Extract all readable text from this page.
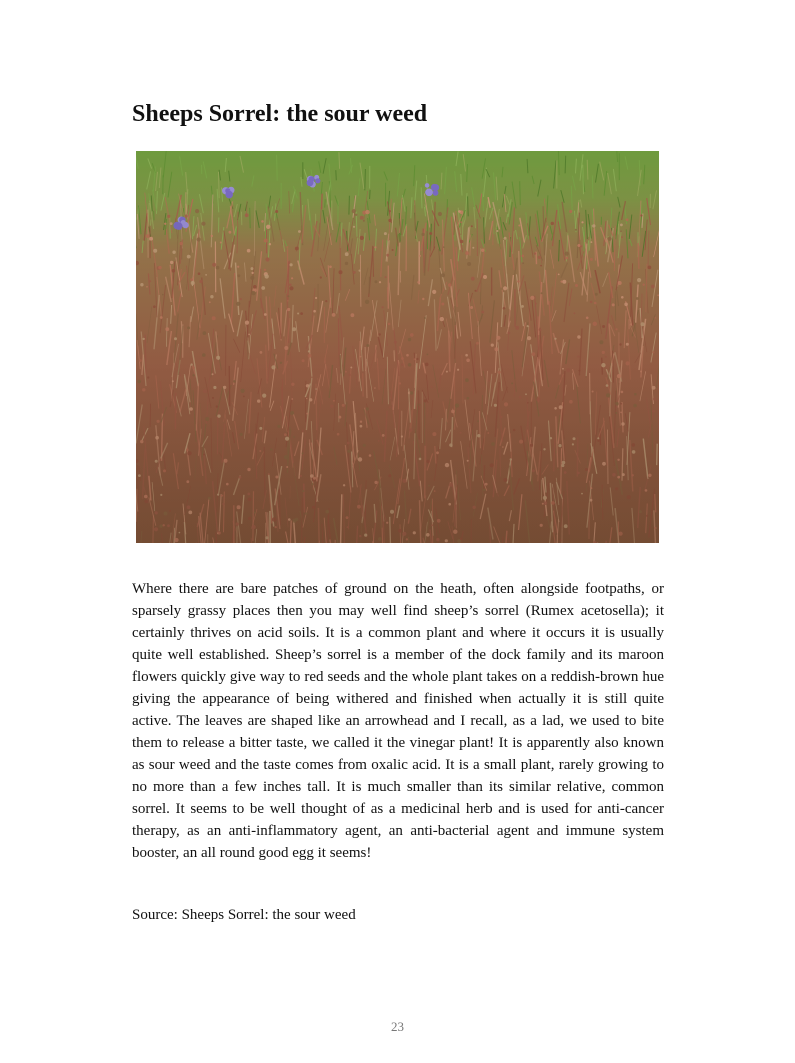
Sheeps Sorrel: the sour weed

Where there are bare patches of ground on the heath, often alongside footpaths, or sparsely grassy places then you may well find sheep’s sorrel (Rumex acetosella); it certainly thrives on acid soils. It is a common plant and where it occurs it is usually quite well established. Sheep’s sorrel is a member of the dock family and its maroon flowers quickly give way to red seeds and the whole plant takes on a reddish-brown hue giving the appearance of being withered and finished when actually it is still quite active. The leaves are shaped like an arrowhead and I recall, as a lad, we used to bite them to release a bitter taste, we called it the vinegar plant! It is apparently also known as sour weed and the taste comes from oxalic acid. It is a small plant, rarely growing to no more than a few inches tall. It is much smaller than its similar relative, common sorrel. It seems to be well thought of as a medicinal herb and is used for anti-cancer therapy, as an anti-inflammatory agent, an anti-bacterial agent and immune system booster, an all round good egg it seems!

Source: Sheeps Sorrel: the sour weed

23
